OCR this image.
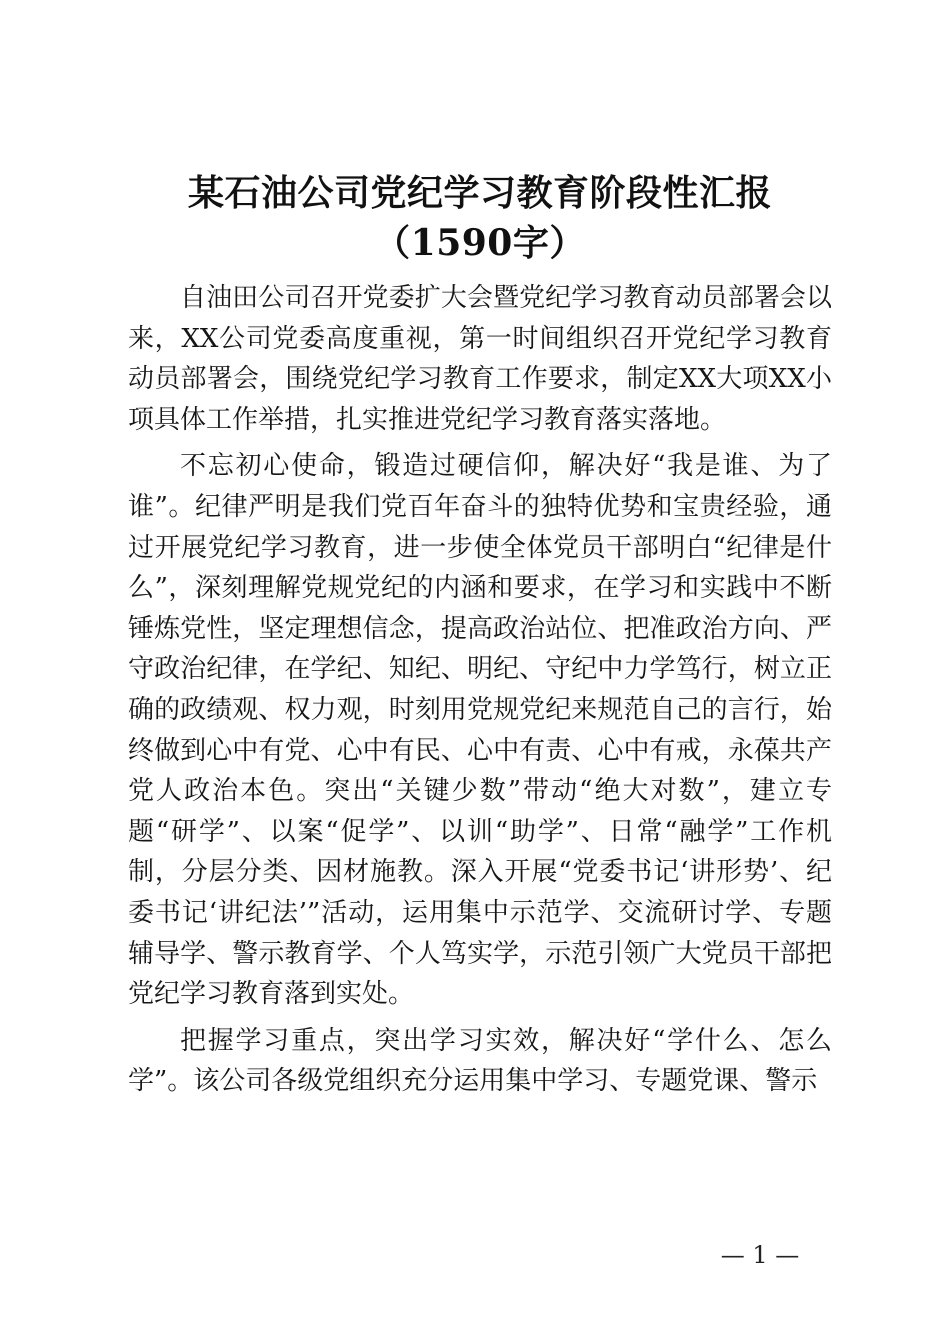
某石油公司党纪学习教育阶段性汇报（1590字）

自油田公司召开党委扩大会暨党纪学习教育动员部署会以来，XX公司党委高度重视，第一时间组织召开党纪学习教育动员部署会，围绕党纪学习教育工作要求，制定XX大项XX小项具体工作举措，扎实推进党纪学习教育落实落地。

不忘初心使命，锻造过硬信仰，解决好“我是谁、为了谁”。纪律严明是我们党百年奋斗的独特优势和宝贵经验，通过开展党纪学习教育，进一步使全体党员干部明白“纪律是什么”，深刻理解党规党纪的内涵和要求，在学习和实践中不断锤炼党性，坚定理想信念，提高政治站位、把准政治方向、严守政治纪律，在学纪、知纪、明纪、守纪中力学笃行，树立正确的政绩观、权力观，时刻用党规党纪来规范自己的言行，始终做到心中有党、心中有民、心中有责、心中有戒，永葆共产党人政治本色。突出“关键少数”带动“绝大对数”，建立专题“研学”、以案“促学”、以训“助学”、日常“融学”工作机制，分层分类、因材施教。深入开展“党委书记‘讲形势’、纪委书记‘讲纪法’”活动，运用集中示范学、交流研讨学、专题辅导学、警示教育学、个人笃实学，示范引领广大党员干部把党纪学习教育落到实处。

把握学习重点，突出学习实效，解决好“学什么、怎么学”。该公司各级党组织充分运用集中学习、专题党课、警示

— 1 —
